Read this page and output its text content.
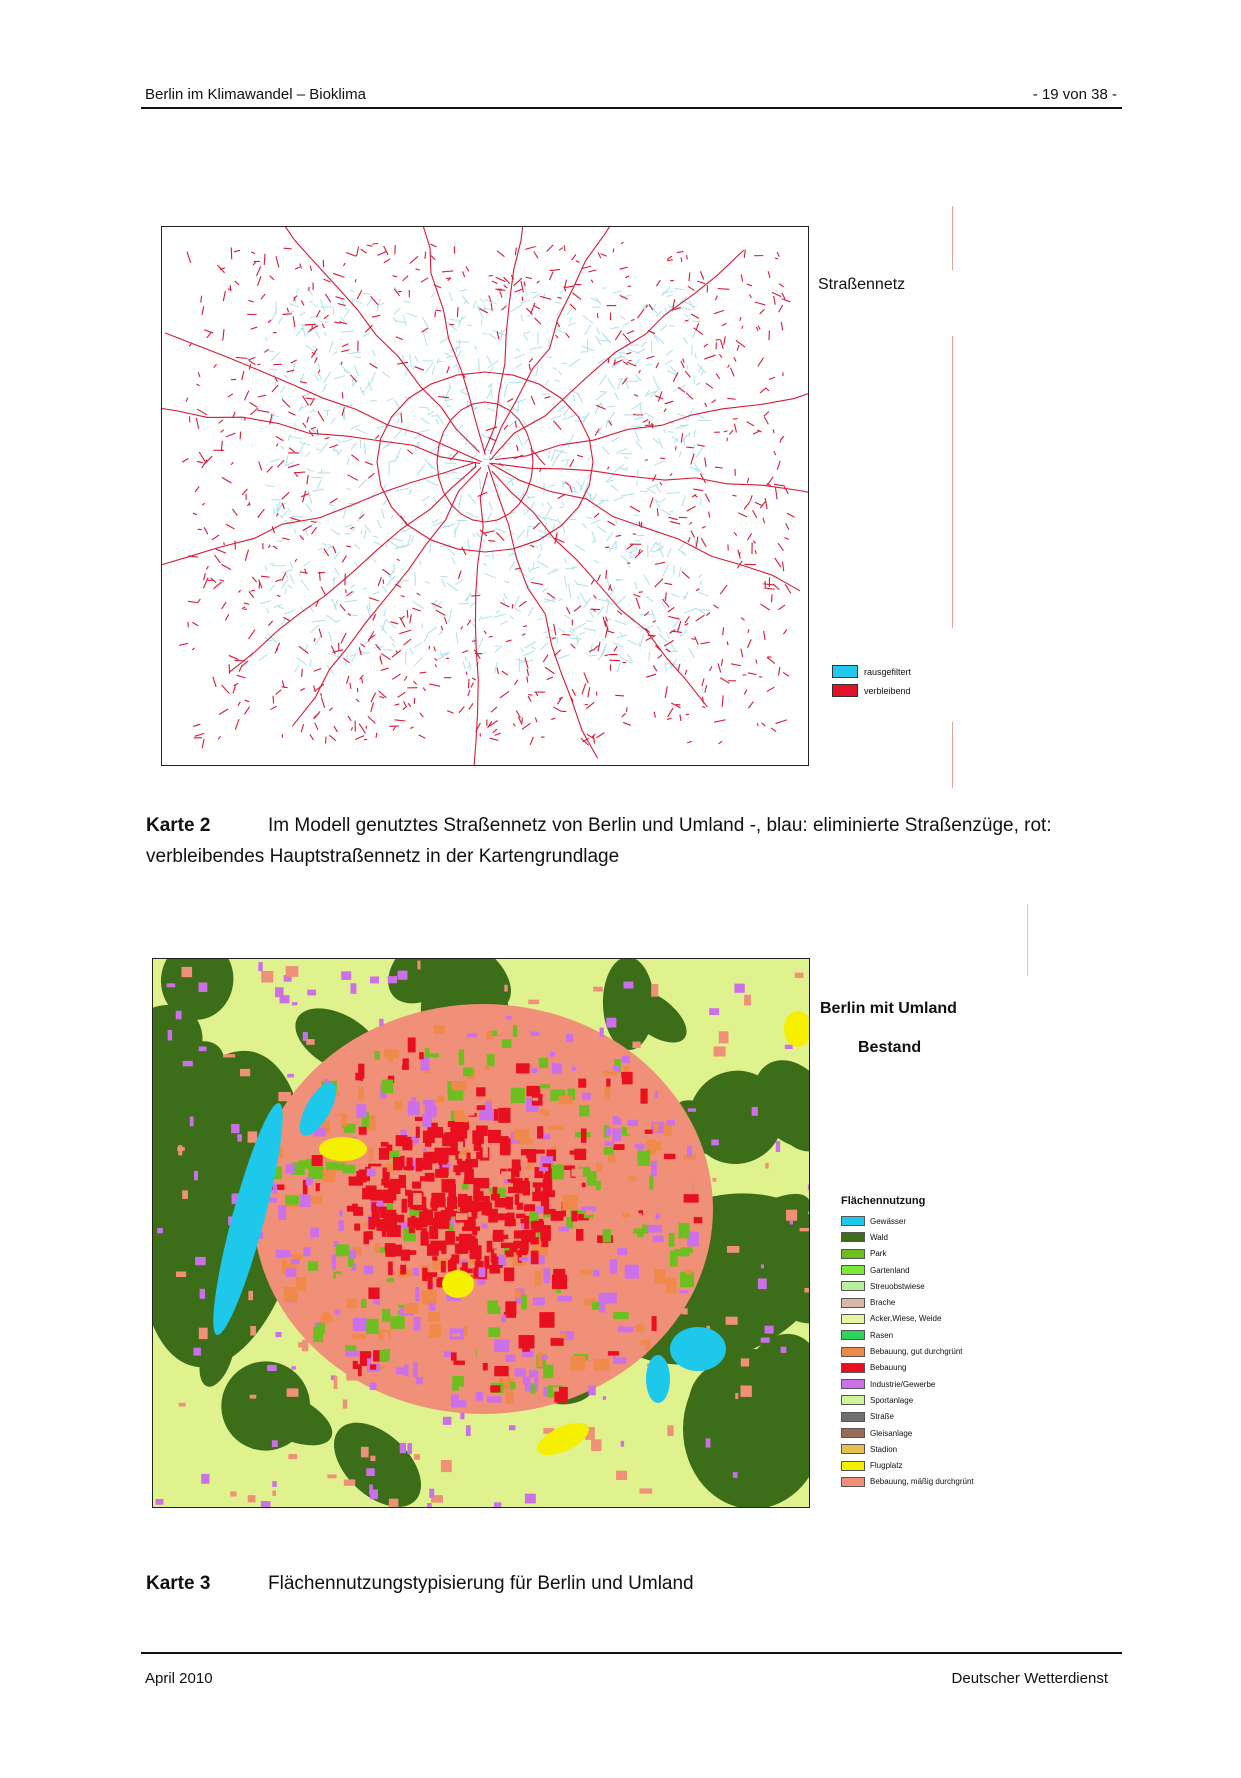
Berlin im Klimawandel – Bioklima	- 19 von 38 -
Straßennetz
rausgefiltert
verbleibend
Karte 2	Im Modell genutztes Straßennetz von Berlin und Umland -, blau: eliminierte Straßenzüge, rot: verbleibendes Hauptstraßennetz in der Kartengrundlage
Berlin mit Umland
Bestand
Flächennutzung
Gewässer
Wald
Park
Gartenland
Streuobstwiese
Brache
Acker,Wiese, Weide
Rasen
Bebauung, gut durchgrünt
Bebauung
Industrie/Gewerbe
Sportanlage
Straße
Gleisanlage
Stadion
Flugplatz
Bebauung, mäßig durchgrünt
Karte 3	Flächennutzungstypisierung für Berlin und Umland
April 2010	Deutscher Wetterdienst
